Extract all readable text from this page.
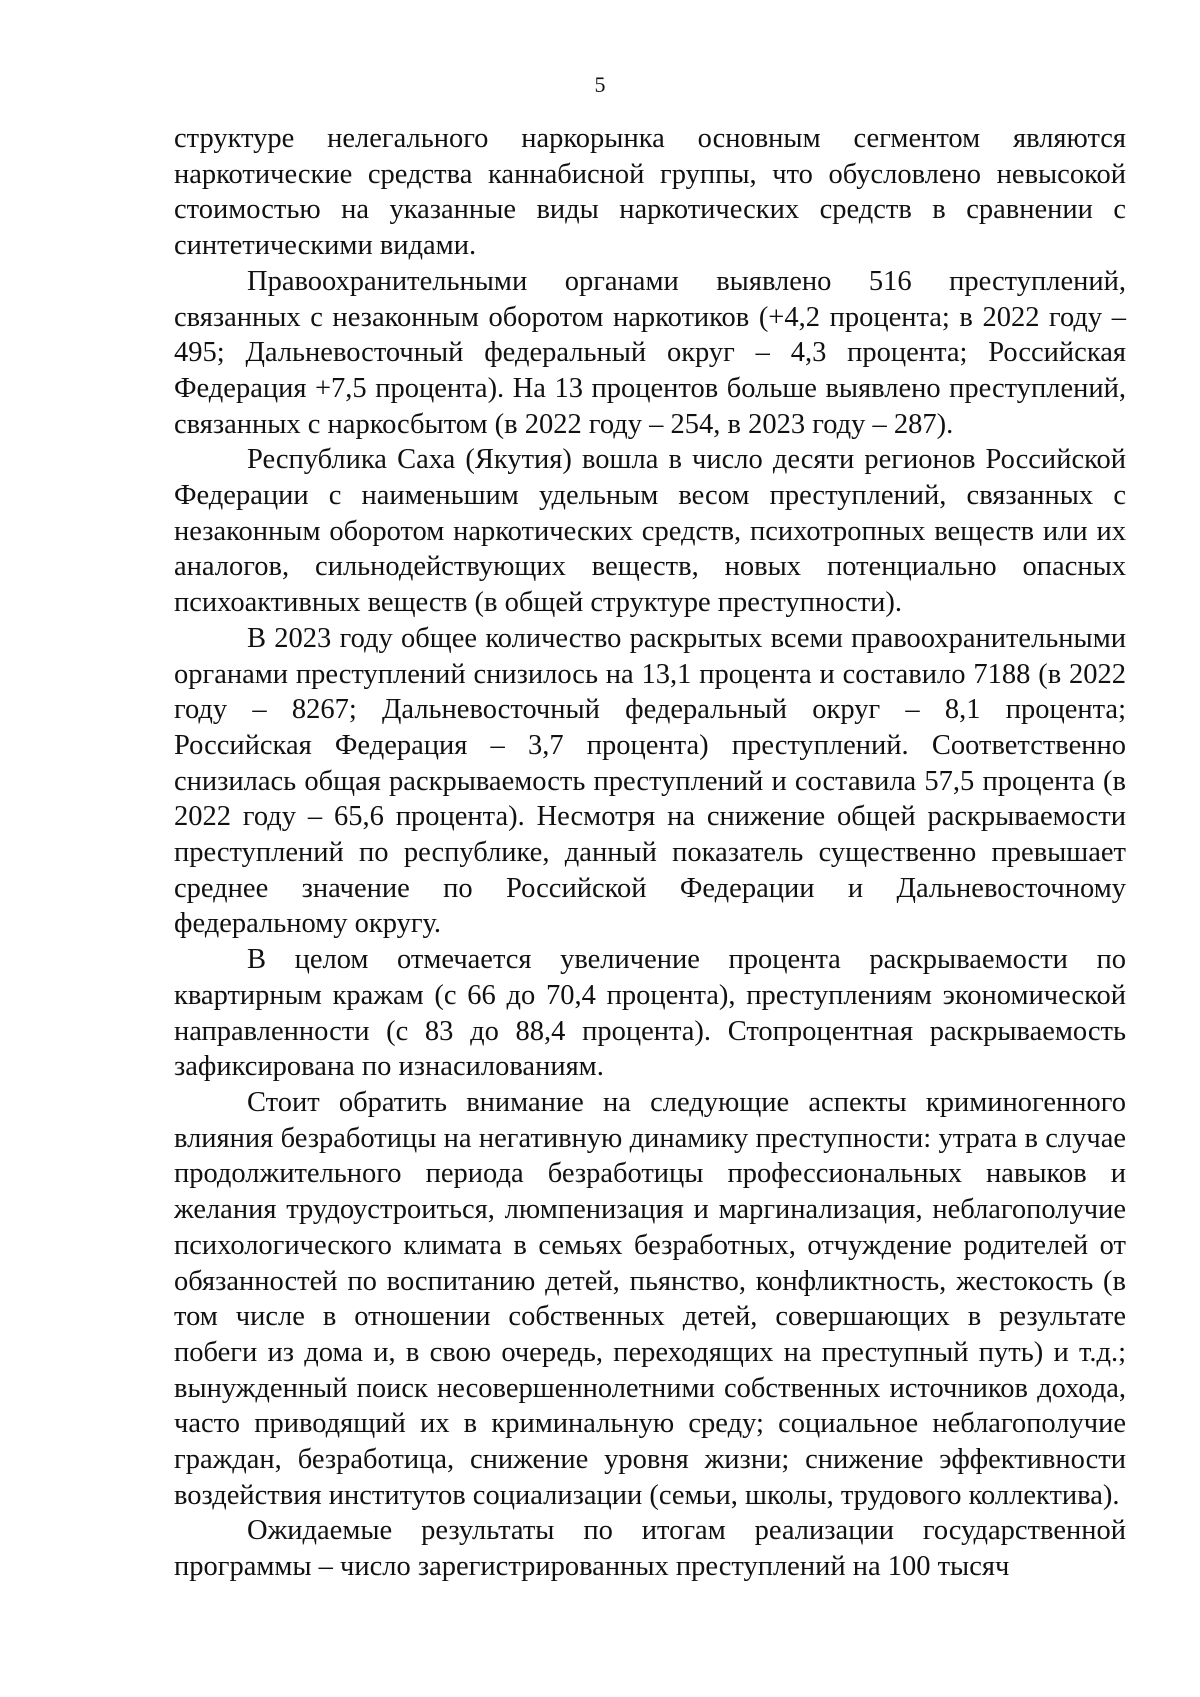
5

структуре нелегального наркорынка основным сегментом являются наркотические средства каннабисной группы, что обусловлено невысокой стоимостью на указанные виды наркотических средств в сравнении с синтетическими видами.

Правоохранительными органами выявлено 516 преступлений, связанных с незаконным оборотом наркотиков (+4,2 процента; в 2022 году – 495; Дальневосточный федеральный округ – 4,3 процента; Российская Федерация +7,5 процента). На 13 процентов больше выявлено преступлений, связанных с наркосбытом (в 2022 году – 254, в 2023 году – 287).

Республика Саха (Якутия) вошла в число десяти регионов Российской Федерации с наименьшим удельным весом преступлений, связанных с незаконным оборотом наркотических средств, психотропных веществ или их аналогов, сильнодействующих веществ, новых потенциально опасных психоактивных веществ (в общей структуре преступности).

В 2023 году общее количество раскрытых всеми правоохранительными органами преступлений снизилось на 13,1 процента и составило 7188 (в 2022 году – 8267; Дальневосточный федеральный округ – 8,1 процента; Российская Федерация – 3,7 процента) преступлений. Соответственно снизилась общая раскрываемость преступлений и составила 57,5 процента (в 2022 году – 65,6 процента). Несмотря на снижение общей раскрываемости преступлений по республике, данный показатель существенно превышает среднее значение по Российской Федерации и Дальневосточному федеральному округу.

В целом отмечается увеличение процента раскрываемости по квартирным кражам (с 66 до 70,4 процента), преступлениям экономической направленности (с 83 до 88,4 процента). Стопроцентная раскрываемость зафиксирована по изнасилованиям.

Стоит обратить внимание на следующие аспекты криминогенного влияния безработицы на негативную динамику преступности: утрата в случае продолжительного периода безработицы профессиональных навыков и желания трудоустроиться, люмпенизация и маргинализация, неблагополучие психологического климата в семьях безработных, отчуждение родителей от обязанностей по воспитанию детей, пьянство, конфликтность, жестокость (в том числе в отношении собственных детей, совершающих в результате побеги из дома и, в свою очередь, переходящих на преступный путь) и т.д.; вынужденный поиск несовершеннолетними собственных источников дохода, часто приводящий их в криминальную среду; социальное неблагополучие граждан, безработица, снижение уровня жизни; снижение эффективности воздействия институтов социализации (семьи, школы, трудового коллектива).

Ожидаемые результаты по итогам реализации государственной программы – число зарегистрированных преступлений на 100 тысяч
